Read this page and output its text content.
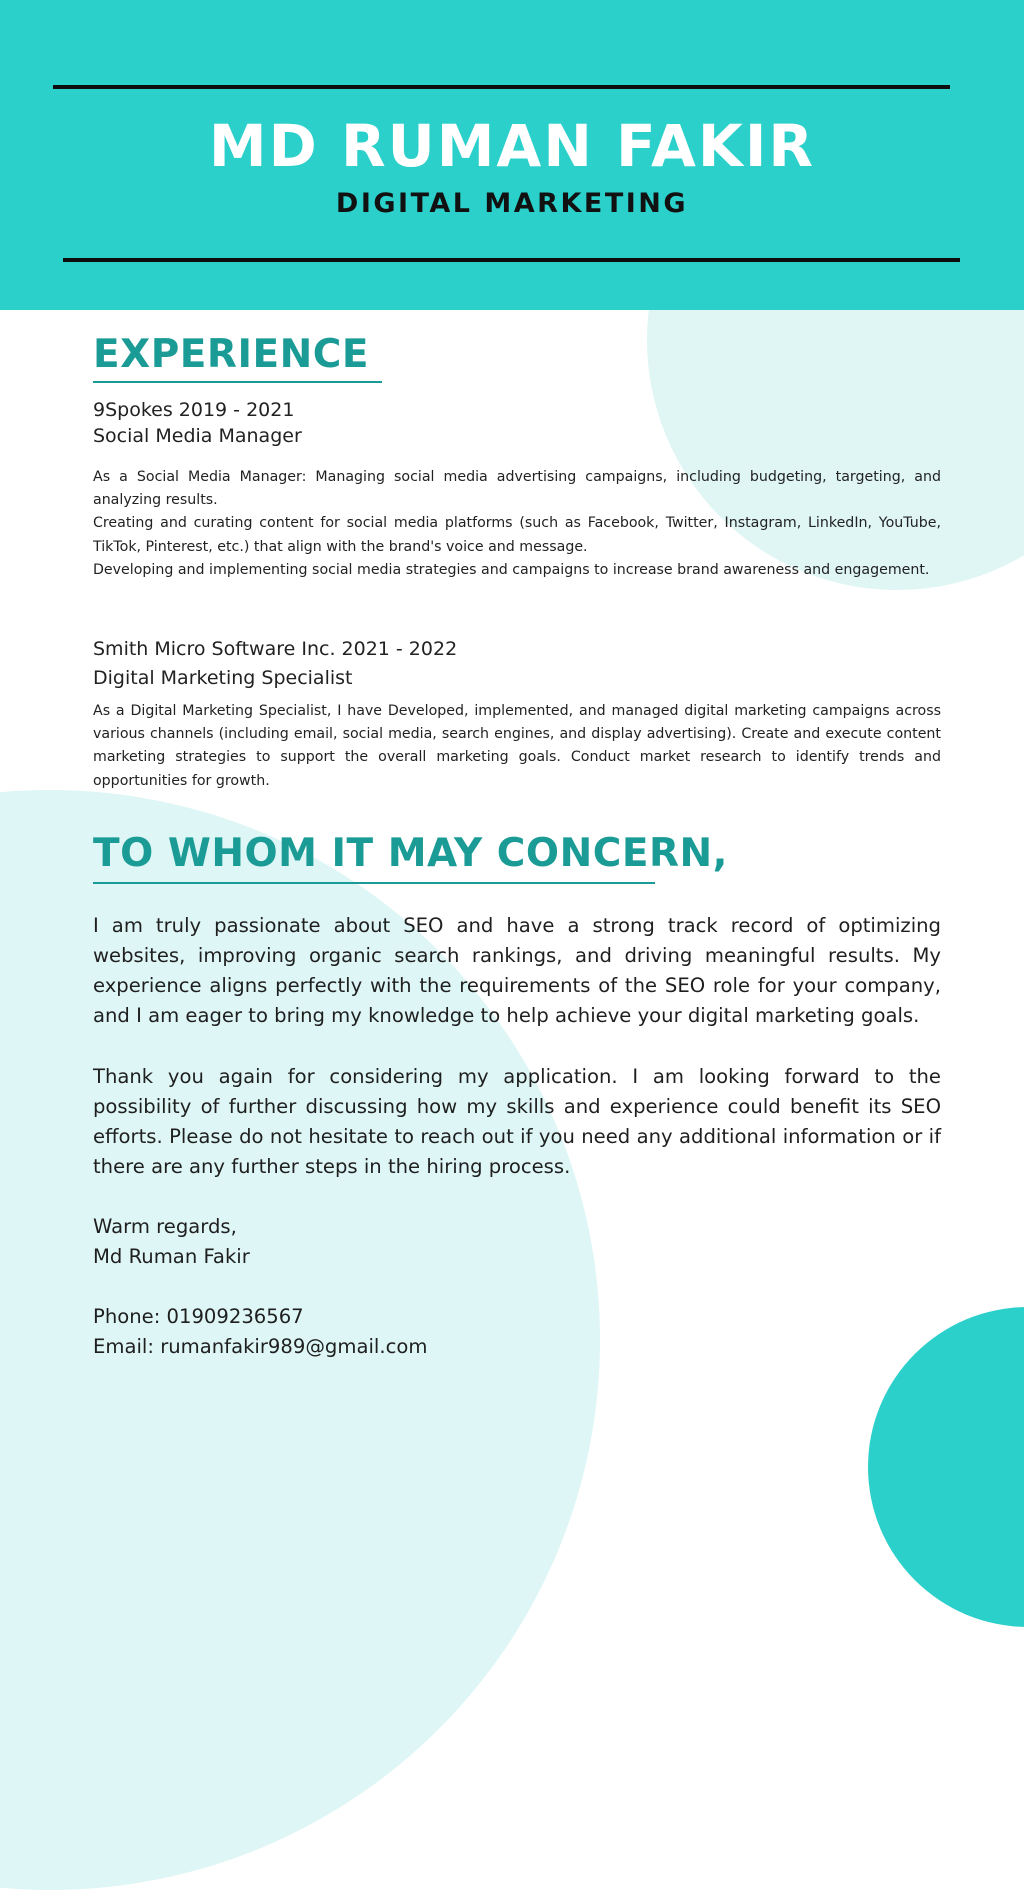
MD RUMAN FAKIR
DIGITAL MARKETING
EXPERIENCE
9Spokes 2019 - 2021
Social Media Manager

As a Social Media Manager: Managing social media advertising campaigns, including budgeting, targeting, and analyzing results.

Creating and curating content for social media platforms (such as Facebook, Twitter, Instagram, LinkedIn, YouTube, TikTok, Pinterest, etc.) that align with the brand's voice and message.

Developing and implementing social media strategies and campaigns to increase brand awareness and engagement.

Smith Micro Software Inc. 2021 - 2022
Digital Marketing Specialist

As a Digital Marketing Specialist, I have Developed, implemented, and managed digital marketing campaigns across various channels (including email, social media, search engines, and display advertising). Create and execute content marketing strategies to support the overall marketing goals. Conduct market research to identify trends and opportunities for growth.

TO WHOM IT MAY CONCERN,

I am truly passionate about SEO and have a strong track record of optimizing websites, improving organic search rankings, and driving meaningful results. My experience aligns perfectly with the requirements of the SEO role for your company, and I am eager to bring my knowledge to help achieve your digital marketing goals.

Thank you again for considering my application. I am looking forward to the possibility of further discussing how my skills and experience could benefit its SEO efforts. Please do not hesitate to reach out if you need any additional information or if there are any further steps in the hiring process.

Warm regards,
Md Ruman Fakir
Phone: 01909236567
Email: rumanfakir989@gmail.com
